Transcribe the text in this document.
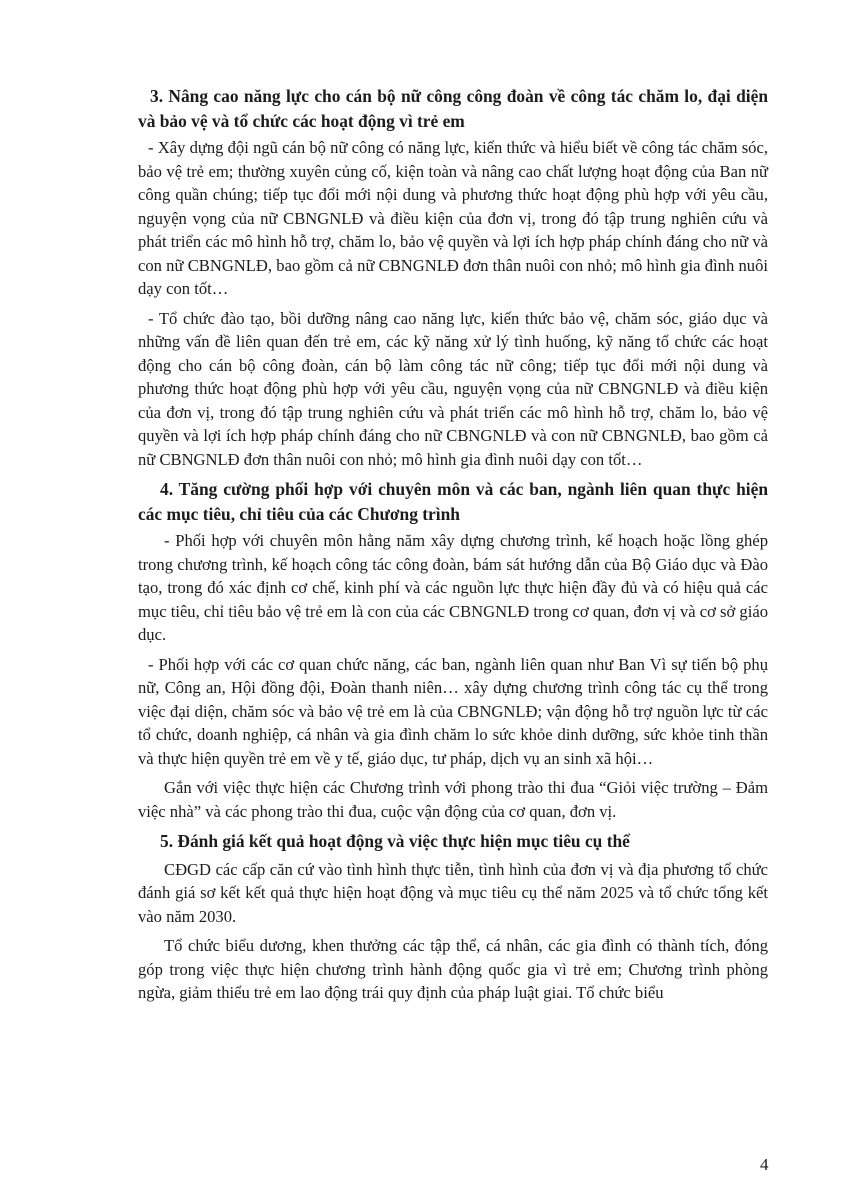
3. Nâng cao năng lực cho cán bộ nữ công công đoàn về công tác chăm lo, đại diện và bảo vệ và tổ chức các hoạt động vì trẻ em

- Xây dựng đội ngũ cán bộ nữ công có năng lực, kiến thức và hiểu biết về công tác chăm sóc, bảo vệ trẻ em; thường xuyên củng cố, kiện toàn và nâng cao chất lượng hoạt động của Ban nữ công quần chúng; tiếp tục đổi mới nội dung và phương thức hoạt động phù hợp với yêu cầu, nguyện vọng của nữ CBNGNLĐ và điều kiện của đơn vị, trong đó tập trung nghiên cứu và phát triển các mô hình hỗ trợ, chăm lo, bảo vệ quyền và lợi ích hợp pháp chính đáng cho nữ và con nữ CBNGNLĐ, bao gồm cả nữ CBNGNLĐ đơn thân nuôi con nhỏ; mô hình gia đình nuôi dạy con tốt…

- Tổ chức đào tạo, bồi dưỡng nâng cao năng lực, kiến thức bảo vệ, chăm sóc, giáo dục và những vấn đề liên quan đến trẻ em, các kỹ năng xử lý tình huống, kỹ năng tổ chức các hoạt động cho cán bộ công đoàn, cán bộ làm công tác nữ công; tiếp tục đổi mới nội dung và phương thức hoạt động phù hợp với yêu cầu, nguyện vọng của nữ CBNGNLĐ và điều kiện của đơn vị, trong đó tập trung nghiên cứu và phát triển các mô hình hỗ trợ, chăm lo, bảo vệ quyền và lợi ích hợp pháp chính đáng cho nữ CBNGNLĐ và con nữ CBNGNLĐ, bao gồm cả nữ CBNGNLĐ đơn thân nuôi con nhỏ; mô hình gia đình nuôi dạy con tốt…

4. Tăng cường phối hợp với chuyên môn và các ban, ngành liên quan thực hiện các mục tiêu, chỉ tiêu của các Chương trình

- Phối hợp với chuyên môn hằng năm xây dựng chương trình, kế hoạch hoặc lồng ghép trong chương trình, kế hoạch công tác công đoàn, bám sát hướng dẫn của Bộ Giáo dục và Đào tạo, trong đó xác định cơ chế, kinh phí và các nguồn lực thực hiện đầy đủ và có hiệu quả các mục tiêu, chỉ tiêu bảo vệ trẻ em là con của các CBNGNLĐ trong cơ quan, đơn vị và cơ sở giáo dục.

- Phối hợp với các cơ quan chức năng, các ban, ngành liên quan như Ban Vì sự tiến bộ phụ nữ, Công an, Hội đồng đội, Đoàn thanh niên… xây dựng chương trình công tác cụ thể trong việc đại diện, chăm sóc và bảo vệ trẻ em là của CBNGNLĐ; vận động hỗ trợ nguồn lực từ các tổ chức, doanh nghiệp, cá nhân và gia đình chăm lo sức khỏe dinh dưỡng, sức khỏe tinh thần và thực hiện quyền trẻ em về y tế, giáo dục, tư pháp, dịch vụ an sinh xã hội…

Gắn với việc thực hiện các Chương trình với phong trào thi đua “Giỏi việc trường – Đảm việc nhà” và các phong trào thi đua, cuộc vận động của cơ quan, đơn vị.

5. Đánh giá kết quả hoạt động và việc thực hiện mục tiêu cụ thể

CĐGD các cấp căn cứ vào tình hình thực tiễn, tình hình của đơn vị và địa phương tổ chức đánh giá sơ kết kết quả thực hiện hoạt động và mục tiêu cụ thể năm 2025 và tổ chức tổng kết vào năm 2030.

Tổ chức biểu dương, khen thưởng các tập thể, cá nhân, các gia đình có thành tích, đóng góp trong việc thực hiện chương trình hành động quốc gia vì trẻ em; Chương trình phòng ngừa, giảm thiểu trẻ em lao động trái quy định của pháp luật giai. Tổ chức biểu

4
